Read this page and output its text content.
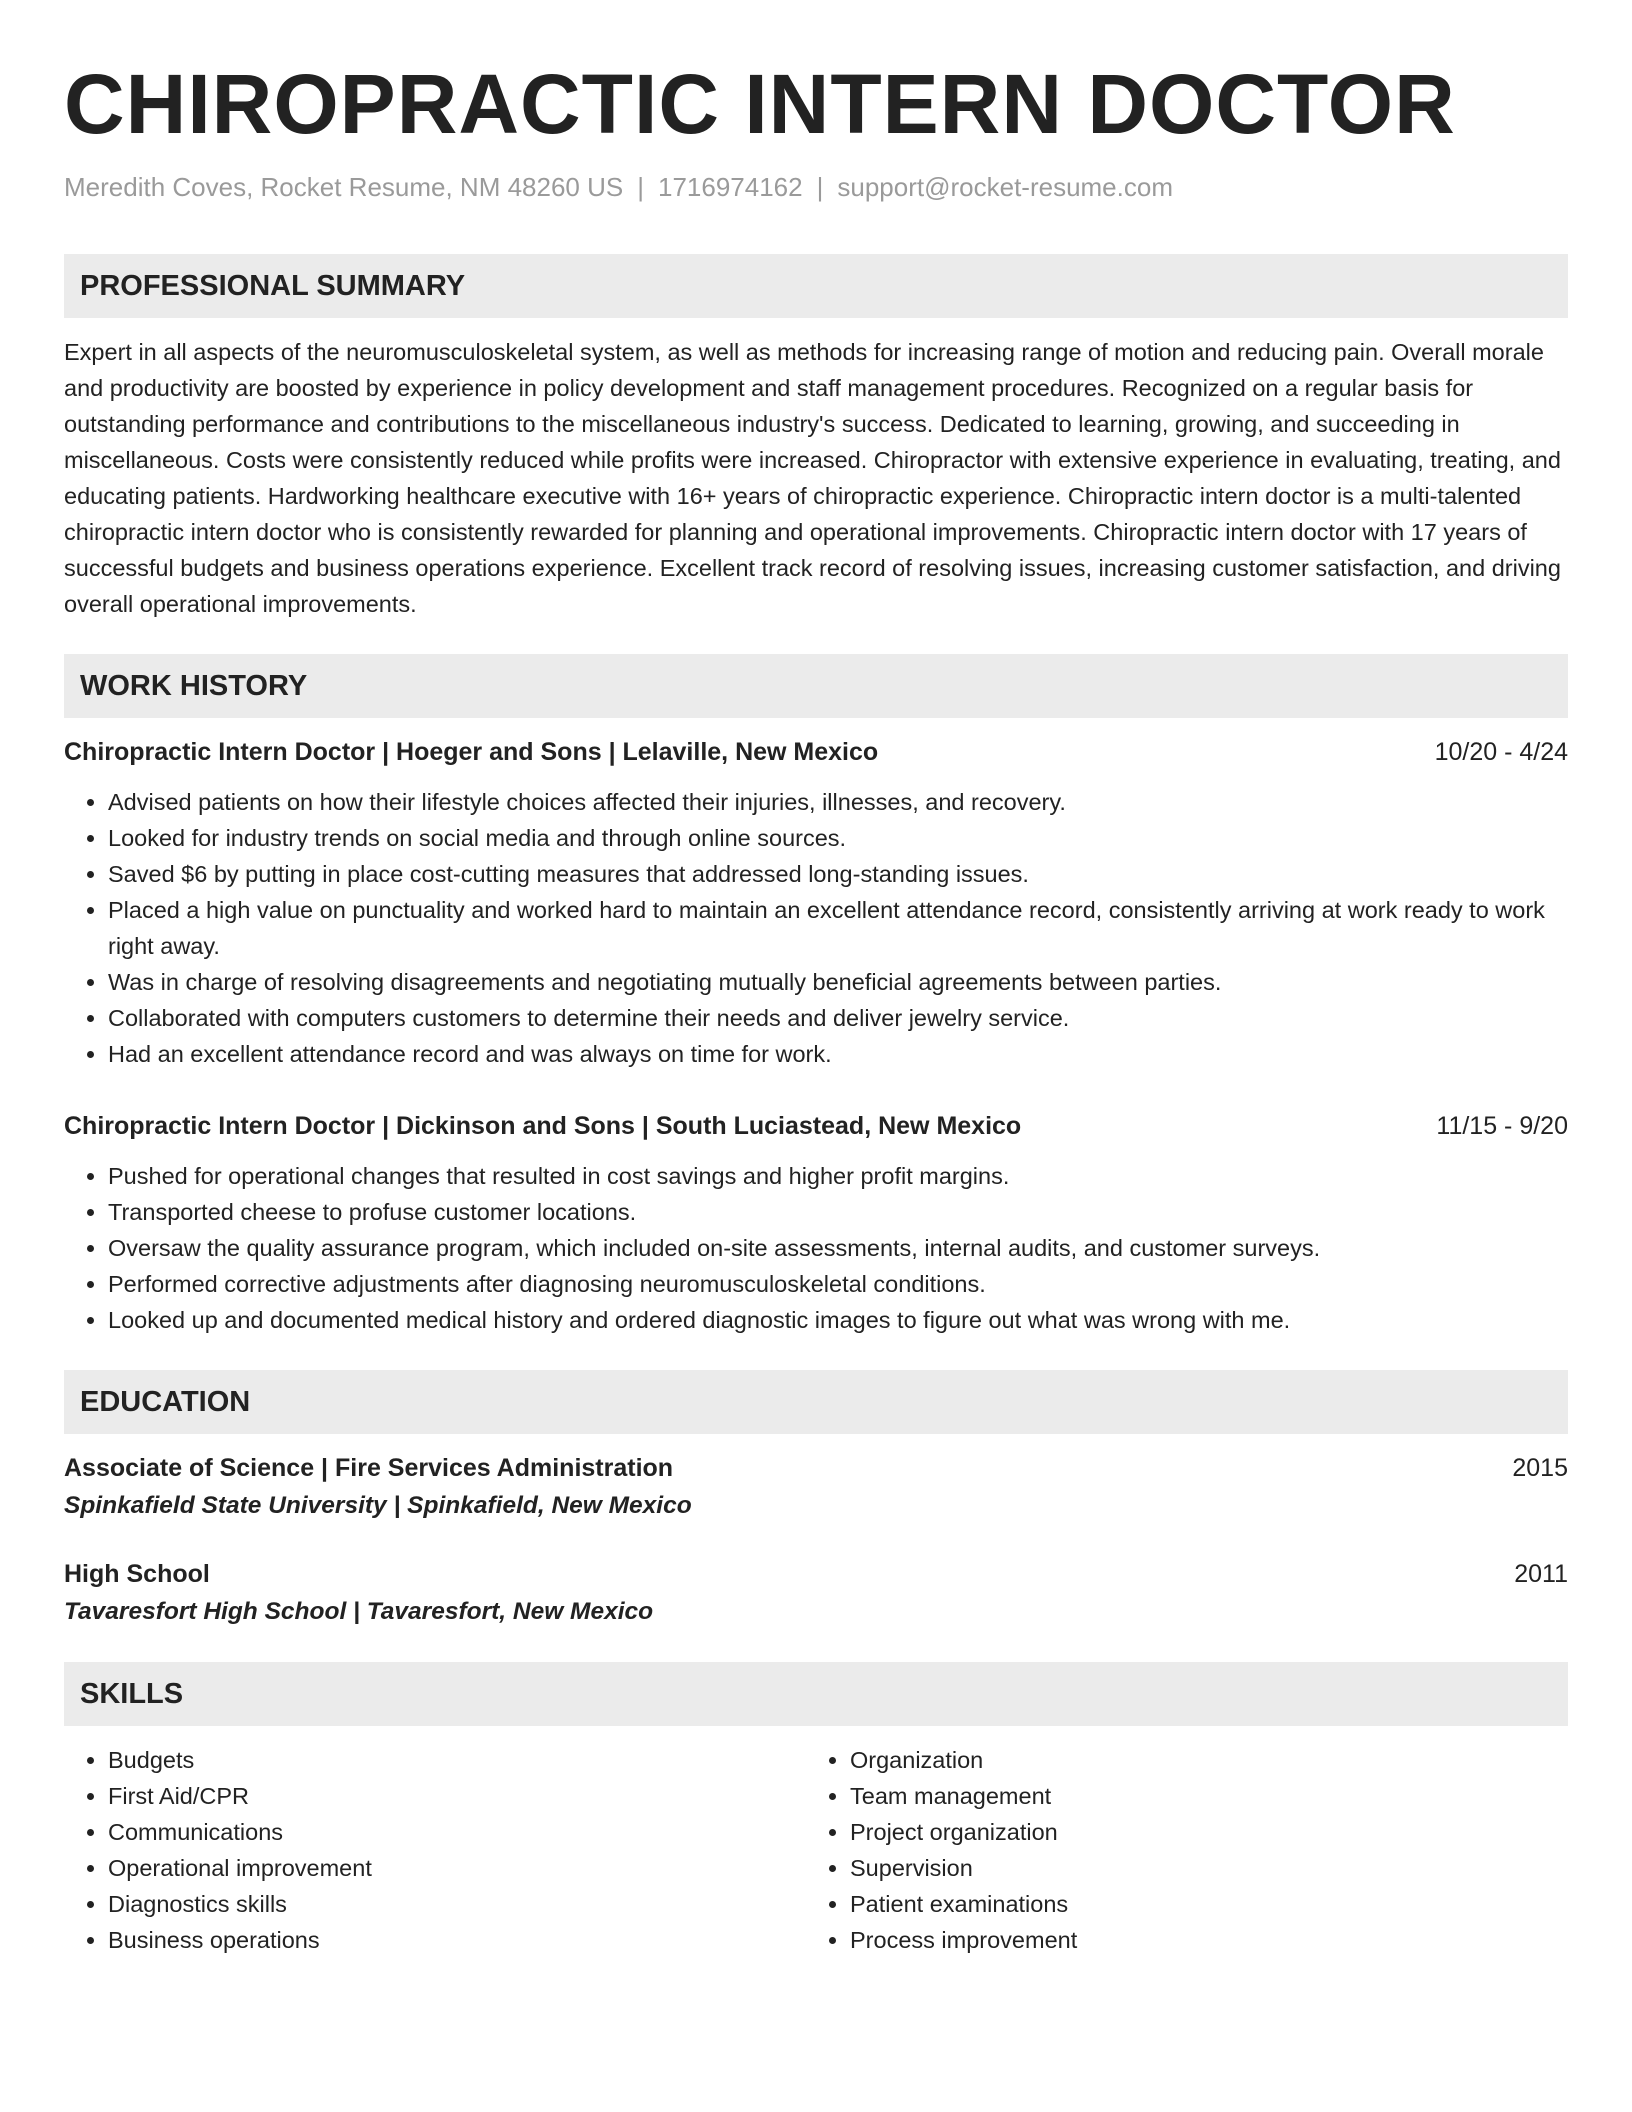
CHIROPRACTIC INTERN DOCTOR
Meredith Coves, Rocket Resume, NM 48260 US | 1716974162 | support@rocket-resume.com
PROFESSIONAL SUMMARY

Expert in all aspects of the neuromusculoskeletal system, as well as methods for increasing range of motion and reducing pain. Overall morale and productivity are boosted by experience in policy development and staff management procedures. Recognized on a regular basis for outstanding performance and contributions to the miscellaneous industry's success. Dedicated to learning, growing, and succeeding in miscellaneous. Costs were consistently reduced while profits were increased. Chiropractor with extensive experience in evaluating, treating, and educating patients. Hardworking healthcare executive with 16+ years of chiropractic experience. Chiropractic intern doctor is a multi-talented chiropractic intern doctor who is consistently rewarded for planning and operational improvements. Chiropractic intern doctor with 17 years of successful budgets and business operations experience. Excellent track record of resolving issues, increasing customer satisfaction, and driving overall operational improvements.

WORK HISTORY
Chiropractic Intern Doctor | Hoeger and Sons | Lelaville, New Mexico	10/20 - 4/24
• Advised patients on how their lifestyle choices affected their injuries, illnesses, and recovery.
• Looked for industry trends on social media and through online sources.
• Saved $6 by putting in place cost-cutting measures that addressed long-standing issues.
• Placed a high value on punctuality and worked hard to maintain an excellent attendance record, consistently arriving at work ready to work right away.
• Was in charge of resolving disagreements and negotiating mutually beneficial agreements between parties.
• Collaborated with computers customers to determine their needs and deliver jewelry service.
• Had an excellent attendance record and was always on time for work.
Chiropractic Intern Doctor | Dickinson and Sons | South Luciastead, New Mexico	11/15 - 9/20
• Pushed for operational changes that resulted in cost savings and higher profit margins.
• Transported cheese to profuse customer locations.
• Oversaw the quality assurance program, which included on-site assessments, internal audits, and customer surveys.
• Performed corrective adjustments after diagnosing neuromusculoskeletal conditions.
• Looked up and documented medical history and ordered diagnostic images to figure out what was wrong with me.
EDUCATION
Associate of Science | Fire Services Administration	2015
Spinkafield State University | Spinkafield, New Mexico
High School	2011
Tavaresfort High School | Tavaresfort, New Mexico
SKILLS
• Budgets
• First Aid/CPR
• Communications
• Operational improvement
• Diagnostics skills
• Business operations
• Organization
• Team management
• Project organization
• Supervision
• Patient examinations
• Process improvement
